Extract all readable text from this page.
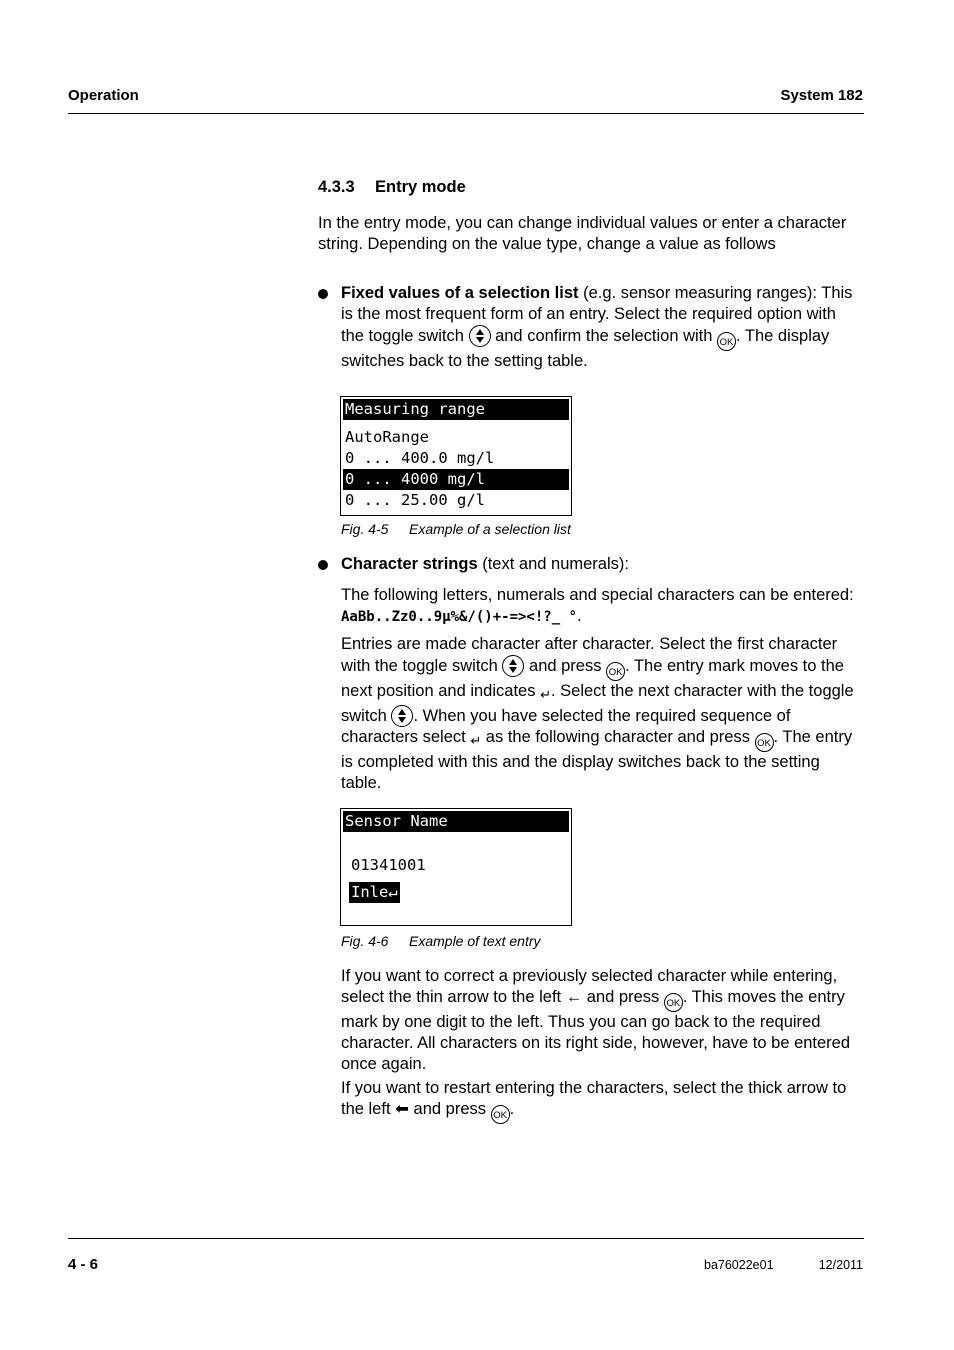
Operation	System 182
4.3.3 Entry mode

In the entry mode, you can change individual values or enter a character string. Depending on the value type, change a value as follows

Fixed values of a selection list (e.g. sensor measuring ranges): This is the most frequent form of an entry. Select the required option with the toggle switch  and confirm the selection with OK . The display switches back to the setting table.

Measuring range
AutoRange
0 ... 400.0 mg/l
0 ... 4000 mg/l
0 ... 25.00 g/l
Fig. 4-5 Example of a selection list

Character strings (text and numerals):

The following letters, numerals and special characters can be entered: AaBb..Zz0..9µ%&/()+-=><!?_ °.

Entries are made character after character. Select the first character with the toggle switch  and press OK . The entry mark moves to the next position and indicates ↵. Select the next character with the toggle switch . When you have selected the required sequence of characters select ↵ as the following character and press OK . The entry is completed with this and the display switches back to the setting table.

Sensor Name
01341001
Inle↵
Fig. 4-6 Example of text entry

If you want to correct a previously selected character while entering, select the thin arrow to the left ← and press OK . This moves the entry mark by one digit to the left. Thus you can go back to the required character. All characters on its right side, however, have to be entered once again.

If you want to restart entering the characters, select the thick arrow to the left ⬅ and press OK .

4 - 6	ba76022e01	12/2011
